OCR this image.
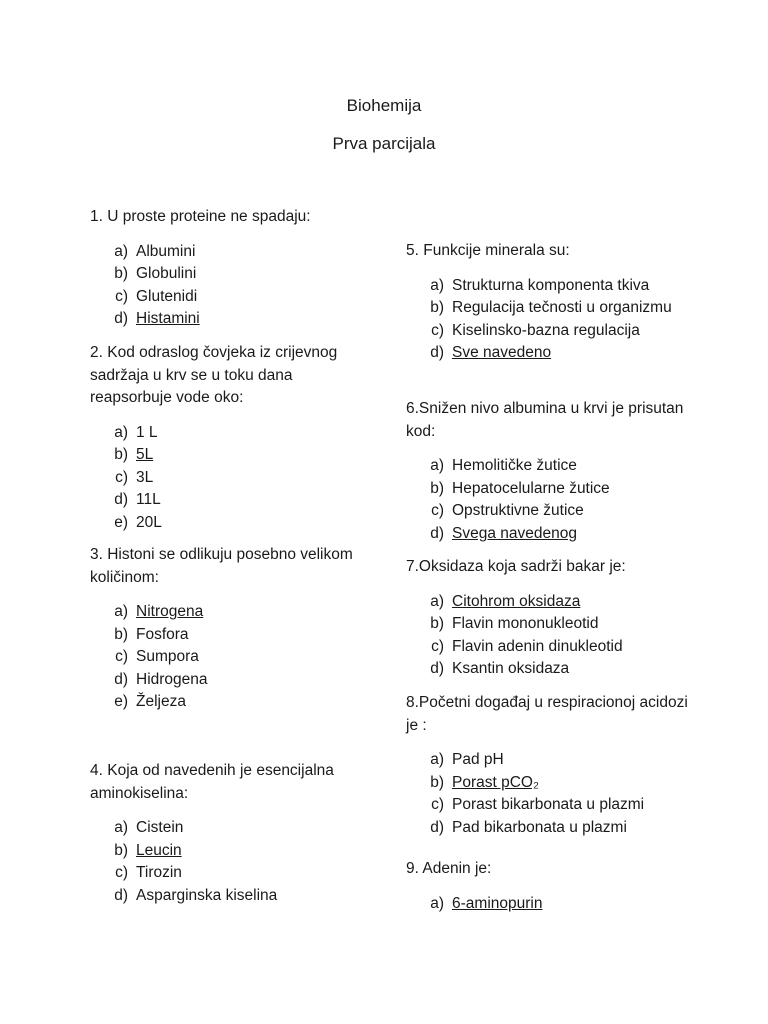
Biohemija
Prva parcijala
1. U proste proteine ne spadaju:
a) Albumini
b) Globulini
c) Glutenidi
d) Histamini
2. Kod odraslog čovjeka iz crijevnog sadržaja u krv se u toku dana reapsorbuje vode oko:
a) 1 L
b) 5L
c) 3L
d) 11L
e) 20L
3. Histoni se odlikuju posebno velikom količinom:
a) Nitrogena
b) Fosfora
c) Sumpora
d) Hidrogena
e) Željeza
4. Koja od navedenih je esencijalna aminokiselina:
a) Cistein
b) Leucin
c) Tirozin
d) Asparginska kiselina
5. Funkcije minerala su:
a) Strukturna komponenta tkiva
b) Regulacija tečnosti u organizmu
c) Kiselinsko-bazna regulacija
d) Sve navedeno
6.Snižen nivo albumina u krvi je prisutan kod:
a) Hemolitičke žutice
b) Hepatocelularne žutice
c) Opstruktivne žutice
d) Svega navedenog
7.Oksidaza koja sadrži bakar je:
a) Citohrom oksidaza
b) Flavin mononukleotid
c) Flavin adenin dinukleotid
d) Ksantin oksidaza
8.Početni događaj u respiracionoj acidozi je :
a) Pad pH
b) Porast pCO₂
c) Porast bikarbonata u plazmi
d) Pad bikarbonata u plazmi
9. Adenin je:
a) 6-aminopurin
